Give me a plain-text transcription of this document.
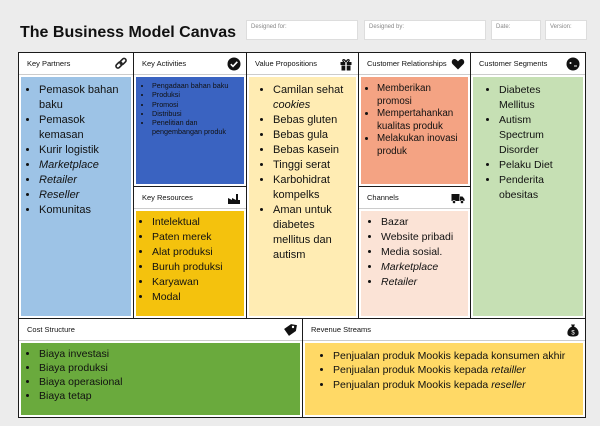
The Business Model Canvas	Designed for:	Designed by:	Date:	Version:
Key Partners
• Pemasok bahan baku
• Pemasok kemasan
• Kurir logistik
• Marketplace
• Retailer
• Reseller
• Komunitas
Key Activities
• Pengadaan bahan baku
• Produksi
• Promosi
• Distribusi
• Penelitian dan pengembangan produk
Key Resources
• Intelektual
• Paten merek
• Alat produksi
• Buruh produksi
• Karyawan
• Modal
Value Propositions
• Camilan sehat
cookies
• Bebas gluten
• Bebas gula
• Bebas kasein
• Tinggi serat
• Karbohidrat kompelks
• Aman untuk diabetes mellitus dan autism
Customer Relationships
• Memberikan promosi
• Mempertahankan kualitas produk
• Melakukan inovasi produk
Channels
• Bazar
• Website pribadi
• Media sosial.
• Marketplace
• Retailer
Customer Segments
• Diabetes Mellitus
• Autism Spectrum Disorder
• Pelaku Diet
• Penderita obesitas
Cost Structure
• Biaya investasi
• Biaya produksi
• Biaya operasional
• Biaya tetap
Revenue Streams	$
• Penjualan produk Mookis kepada konsumen akhir
• Penjualan produk Mookis kepada retailler
• Penjualan produk Mookis kepada reseller
